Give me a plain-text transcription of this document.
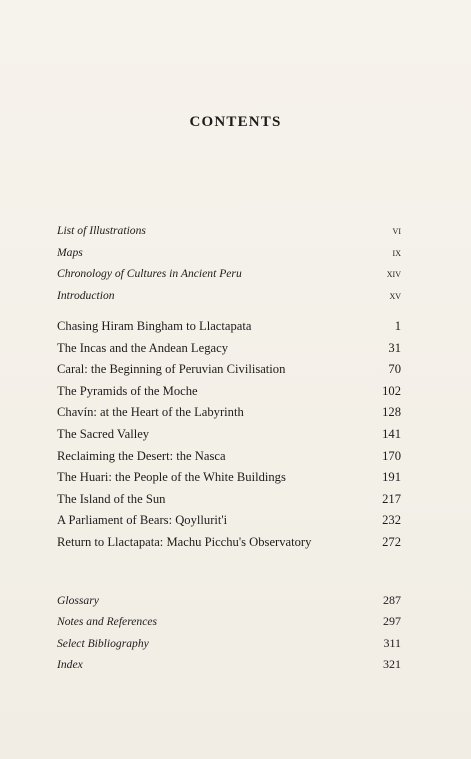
CONTENTS
List of Illustrations	vi
Maps	ix
Chronology of Cultures in Ancient Peru	xiv
Introduction	xv
Chasing Hiram Bingham to Llactapata	1
The Incas and the Andean Legacy	31
Caral: the Beginning of Peruvian Civilisation	70
The Pyramids of the Moche	102
Chavín: at the Heart of the Labyrinth	128
The Sacred Valley	141
Reclaiming the Desert: the Nasca	170
The Huari: the People of the White Buildings	191
The Island of the Sun	217
A Parliament of Bears: Qoyllurit'i	232
Return to Llactapata: Machu Picchu's Observatory	272
Glossary	287
Notes and References	297
Select Bibliography	311
Index	321
